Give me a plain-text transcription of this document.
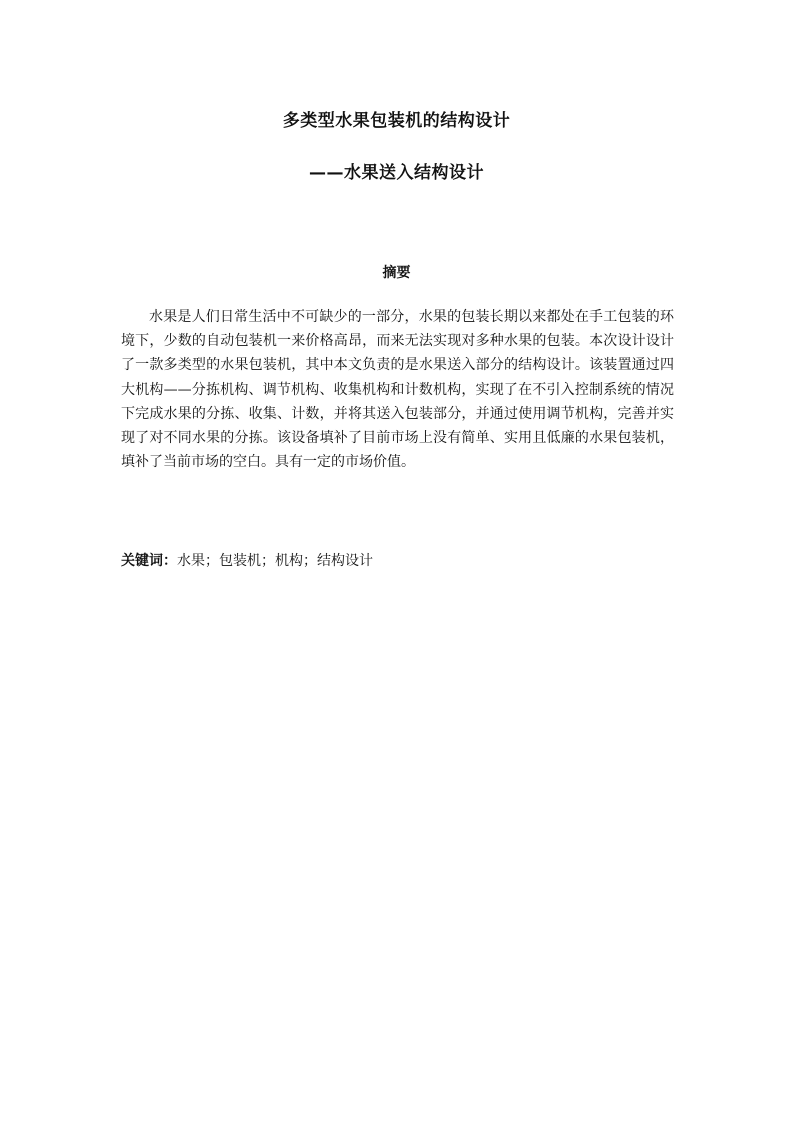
多类型水果包装机的结构设计
——水果送入结构设计
摘要

水果是人们日常生活中不可缺少的一部分，水果的包装长期以来都处在手工包装的环境下，少数的自动包装机一来价格高昂，而来无法实现对多种水果的包装。本次设计设计了一款多类型的水果包装机，其中本文负责的是水果送入部分的结构设计。该装置通过四大机构——分拣机构、调节机构、收集机构和计数机构，实现了在不引入控制系统的情况下完成水果的分拣、收集、计数，并将其送入包装部分，并通过使用调节机构，完善并实现了对不同水果的分拣。该设备填补了目前市场上没有简单、实用且低廉的水果包装机，填补了当前市场的空白。具有一定的市场价值。

关键词：水果；包装机；机构；结构设计
